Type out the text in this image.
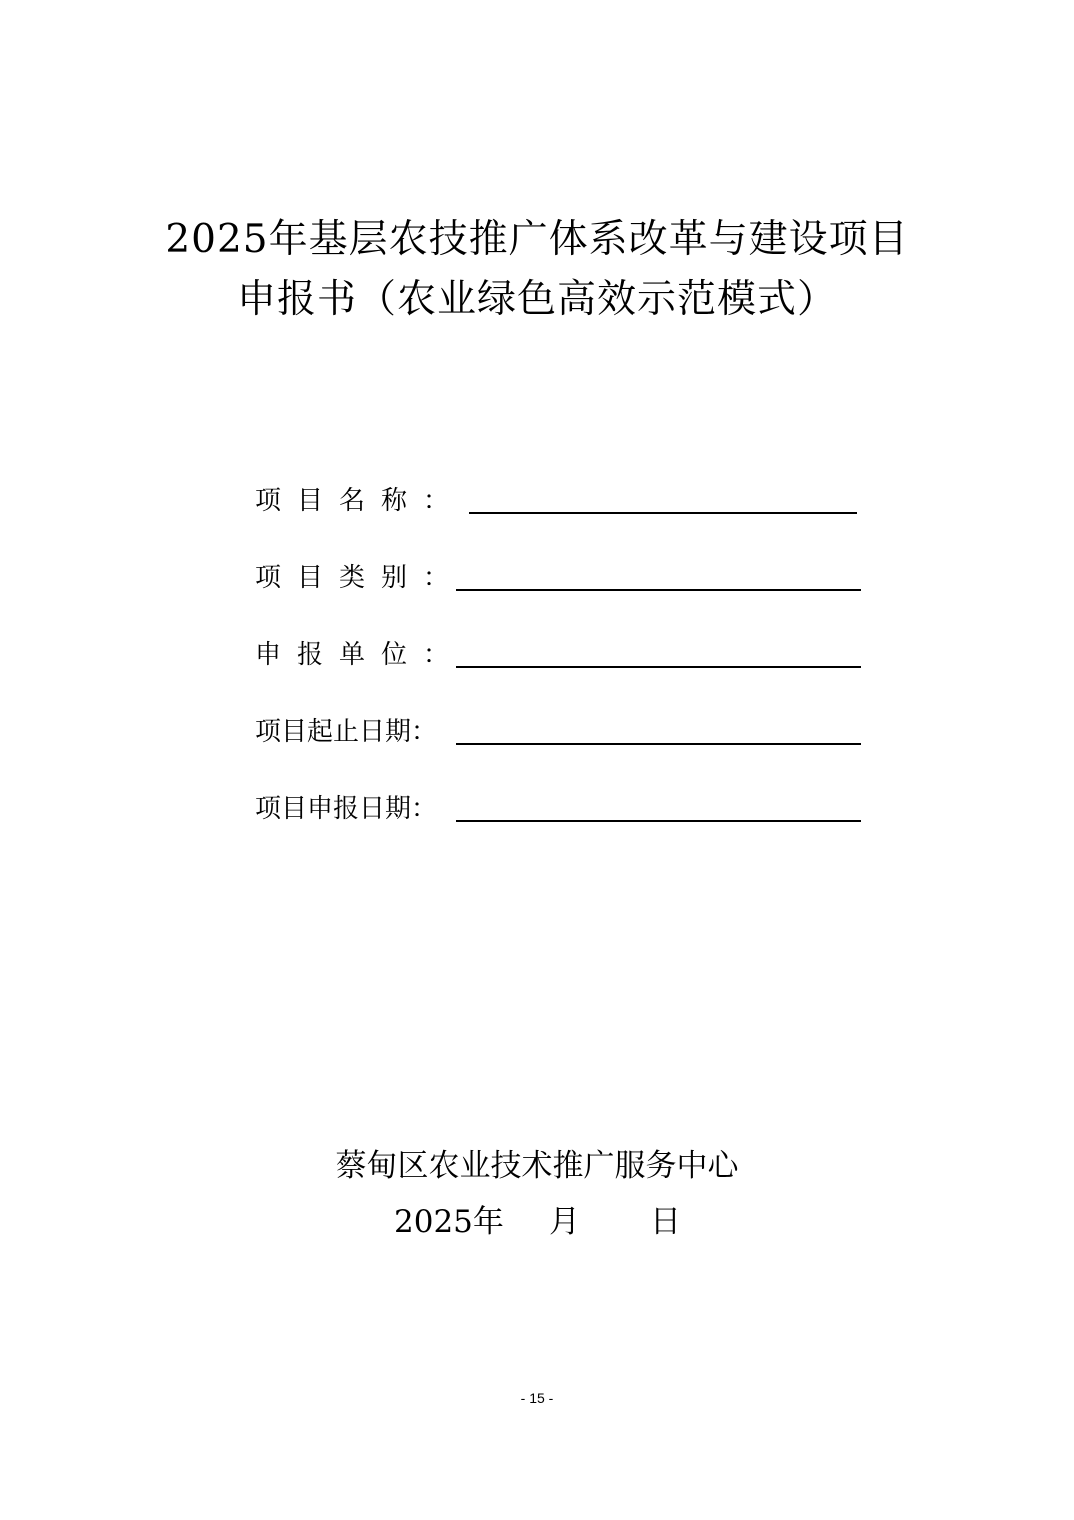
2025年基层农技推广体系改革与建设项目
申报书（农业绿色高效示范模式）
项目名称：
项目类别：
申报单位：
项目起止日期：
项目申报日期：
蔡甸区农业技术推广服务中心
2025年 月 日
- 15 -
